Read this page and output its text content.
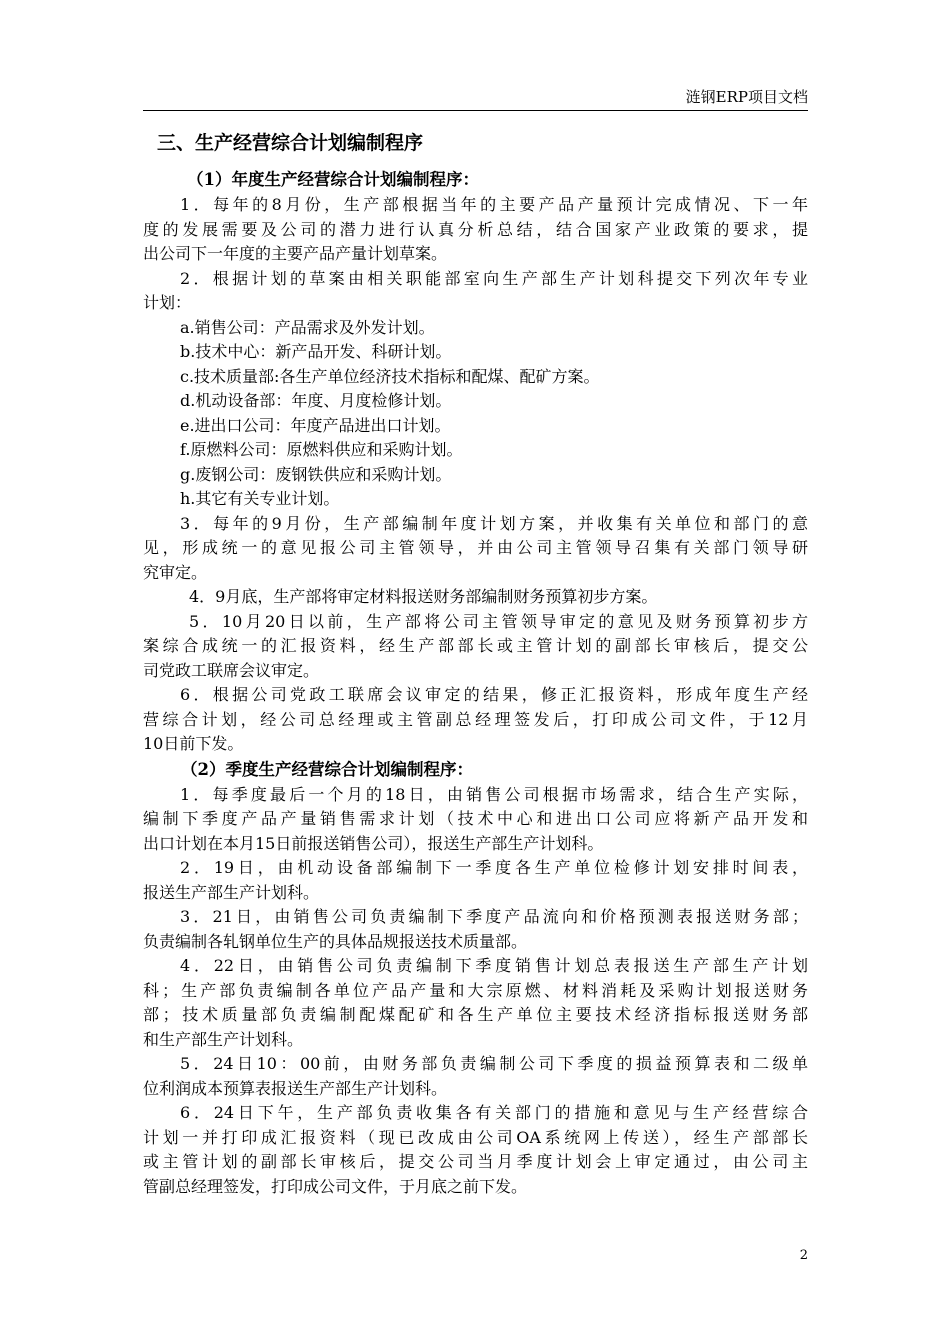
涟钢ERP项目文档
三、生产经营综合计划编制程序
（1）年度生产经营综合计划编制程序：
1．每年的8月份，生产部根据当年的主要产品产量预计完成情况、下一年
度的发展需要及公司的潜力进行认真分析总结，结合国家产业政策的要求，提
出公司下一年度的主要产品产量计划草案。
2．根据计划的草案由相关职能部室向生产部生产计划科提交下列次年专业
计划：
a.销售公司：产品需求及外发计划。
b.技术中心：新产品开发、科研计划。
c.技术质量部:各生产单位经济技术指标和配煤、配矿方案。
d.机动设备部：年度、月度检修计划。
e.进出口公司：年度产品进出口计划。
f.原燃料公司：原燃料供应和采购计划。
g.废钢公司：废钢铁供应和采购计划。
h.其它有关专业计划。
3．每年的9月份，生产部编制年度计划方案，并收集有关单位和部门的意
见，形成统一的意见报公司主管领导，并由公司主管领导召集有关部门领导研
究审定。
4．9月底，生产部将审定材料报送财务部编制财务预算初步方案。
5．10月20日以前，生产部将公司主管领导审定的意见及财务预算初步方
案综合成统一的汇报资料，经生产部部长或主管计划的副部长审核后，提交公
司党政工联席会议审定。
6．根据公司党政工联席会议审定的结果，修正汇报资料，形成年度生产经
营综合计划，经公司总经理或主管副总经理签发后，打印成公司文件，于12月
10日前下发。
（2）季度生产经营综合计划编制程序：
1．每季度最后一个月的18日，由销售公司根据市场需求，结合生产实际，
编制下季度产品产量销售需求计划（技术中心和进出口公司应将新产品开发和
出口计划在本月15日前报送销售公司），报送生产部生产计划科。
2．19日，由机动设备部编制下一季度各生产单位检修计划安排时间表，
报送生产部生产计划科。
3．21日，由销售公司负责编制下季度产品流向和价格预测表报送财务部；
负责编制各轧钢单位生产的具体品规报送技术质量部。
4．22日，由销售公司负责编制下季度销售计划总表报送生产部生产计划
科；生产部负责编制各单位产品产量和大宗原燃、材料消耗及采购计划报送财务
部；技术质量部负责编制配煤配矿和各生产单位主要技术经济指标报送财务部
和生产部生产计划科。
5．24日10：00前，由财务部负责编制公司下季度的损益预算表和二级单
位利润成本预算表报送生产部生产计划科。
6．24日下午，生产部负责收集各有关部门的措施和意见与生产经营综合
计划一并打印成汇报资料（现已改成由公司OA系统网上传送），经生产部部长
或主管计划的副部长审核后，提交公司当月季度计划会上审定通过，由公司主
管副总经理签发，打印成公司文件，于月底之前下发。
2
